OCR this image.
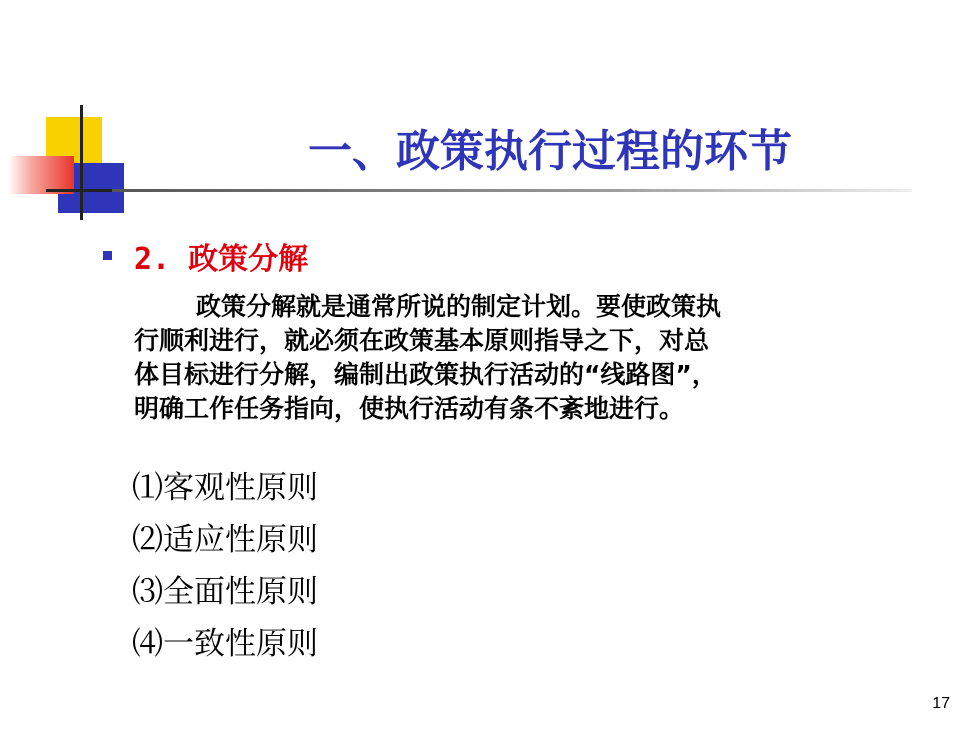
一、政策执行过程的环节
2. 政策分解
政策分解就是通常所说的制定计划。要使政策执
行顺利进行，就必须在政策基本原则指导之下，对总
体目标进行分解，编制出政策执行活动的“线路图”，
明确工作任务指向，使执行活动有条不紊地进行。
⑴客观性原则
⑵适应性原则
⑶全面性原则
⑷一致性原则
17
